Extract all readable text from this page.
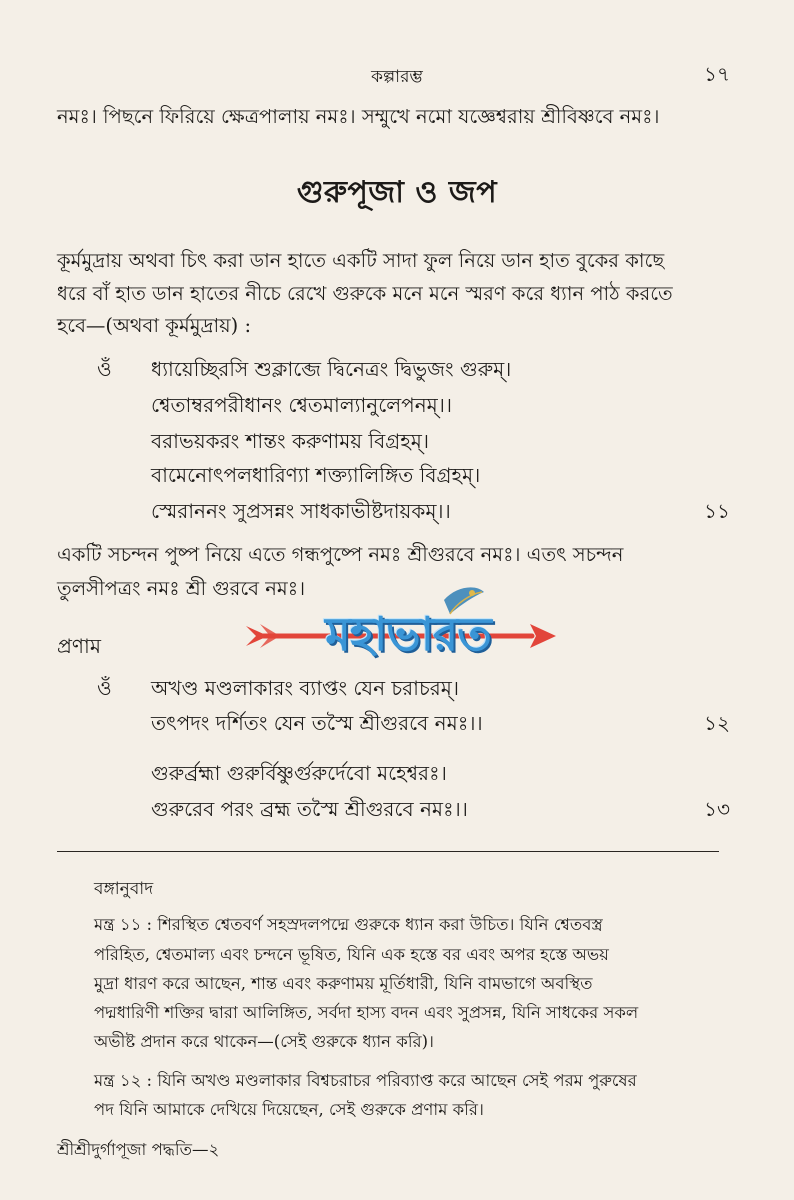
কল্পারম্ভ	১৭
নমঃ। পিছনে ফিরিয়ে ক্ষেত্রপালায় নমঃ। সম্মুখে নমো যজ্ঞেশ্বরায় শ্রীবিষ্ণবে নমঃ।
গুরুপূজা ও জপ
কূর্মমুদ্রায় অথবা চিৎ করা ডান হাতে একটি সাদা ফুল নিয়ে ডান হাত বুকের কাছে
ধরে বাঁ হাত ডান হাতের নীচে রেখে গুরুকে মনে মনে স্মরণ করে ধ্যান পাঠ করতে
হবে—(অথবা কূর্মমুদ্রায়) :
ওঁ	ধ্যায়েচ্ছিরসি শুক্লাব্জে দ্বিনেত্রং দ্বিভুজং গুরুম্।
শ্বেতাম্বরপরীধানং শ্বেতমাল্যানুলেপনম্।।
বরাভয়করং শান্তং করুণাময় বিগ্রহম্।
বামেনোৎপলধারিণ্যা শক্ত্যালিঙ্গিত বিগ্রহম্।
স্মেরাননং সুপ্রসন্নং সাধকাভীষ্টদায়কম্।।	১১
একটি সচন্দন পুষ্প নিয়ে এতে গন্ধপুষ্পে নমঃ শ্রীগুরবে নমঃ। এতৎ সচন্দন
তুলসীপত্রং নমঃ শ্রী গুরবে নমঃ।
প্রণাম
ওঁ	অখণ্ড মণ্ডলাকারং ব্যাপ্তং যেন চরাচরম্।
তৎপদং দর্শিতং যেন তস্মৈ শ্রীগুরবে নমঃ।।	১২
গুরুর্ব্রহ্মা গুরুর্বিষ্ণুর্গুরুর্দেবো মহেশ্বরঃ।
গুরুরেব পরং ব্রহ্ম তস্মৈ শ্রীগুরবে নমঃ।।	১৩
বঙ্গানুবাদ
মন্ত্র ১১ : শিরস্থিত শ্বেতবর্ণ সহস্রদলপদ্মে গুরুকে ধ্যান করা উচিত। যিনি শ্বেতবস্ত্র
পরিহিত, শ্বেতমাল্য এবং চন্দনে ভূষিত, যিনি এক হস্তে বর এবং অপর হস্তে অভয়
মুদ্রা ধারণ করে আছেন, শান্ত এবং করুণাময় মূর্তিধারী, যিনি বামভাগে অবস্থিত
পদ্মধারিণী শক্তির দ্বারা আলিঙ্গিত, সর্বদা হাস্য বদন এবং সুপ্রসন্ন, যিনি সাধকের সকল
অভীষ্ট প্রদান করে থাকেন—(সেই গুরুকে ধ্যান করি)।
মন্ত্র ১২ : যিনি অখণ্ড মণ্ডলাকার বিশ্বচরাচর পরিব্যাপ্ত করে আছেন সেই পরম পুরুষের
পদ যিনি আমাকে দেখিয়ে দিয়েছেন, সেই গুরুকে প্রণাম করি।
শ্রীশ্রীদুর্গাপূজা পদ্ধতি—২
মহাভারত
